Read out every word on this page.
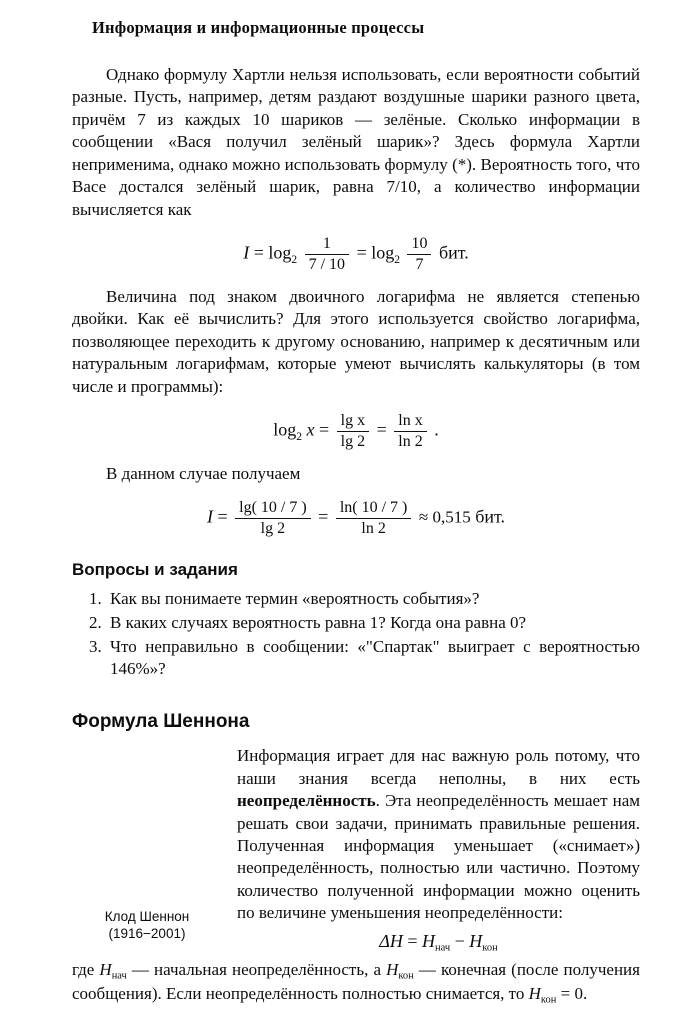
Информация и информационные процессы

Однако формулу Хартли нельзя использовать, если вероятности событий разные. Пусть, например, детям раздают воздушные шарики разного цвета, причём 7 из каждых 10 шариков — зелёные. Сколько информации в сообщении «Вася получил зелёный шарик»? Здесь формула Хартли неприменима, однако можно использовать формулу (*). Вероятность того, что Васе достался зелёный шарик, равна 7/10, а количество информации вычисляется как

$I = \log_2 \frac{1}{7 / 10} = \log_2 \frac{10}{7}$ бит.

Величина под знаком двоичного логарифма не является степенью двойки. Как её вычислить? Для этого используется свойство логарифма, позволяющее переходить к другому основанию, например к десятичным или натуральным логарифмам, которые умеют вычислять калькуляторы (в том числе и программы):

$\log_2 x = \frac{\text{lg x}}{\lg 2} = \frac{\text{ln x}}{\ln 2}$ .

В данном случае получаем

$I = \frac{\lg( 10 / 7 )}{\lg 2} = \frac{\ln( 10 / 7 )}{\ln 2} \approx 0,515$ бит.
Вопросы и задания
1. Как вы понимаете термин «вероятность события»?
2. В каких случаях вероятность равна 1? Когда она равна 0?
3. Что неправильно в сообщении: «"Спартак" выиграет с вероятностью 146%»?
Формула Шеннона
Клод Шеннон
(1916−2001)

Информация играет для нас важную роль потому, что наши знания всегда неполны, в них есть неопределённость. Эта неопределённость мешает нам решать свои задачи, принимать правильные решения. Полученная информация уменьшает («снимает») неопределённость, полностью или частично. Поэтому количество полученной информации можно оценить по величине уменьшения неопределённости:

ΔH = Hнач − Hкон

где Hнач — начальная неопределённость, а Hкон — конечная (после получения сообщения). Если неопределённость полностью снимается, то Hкон = 0.
